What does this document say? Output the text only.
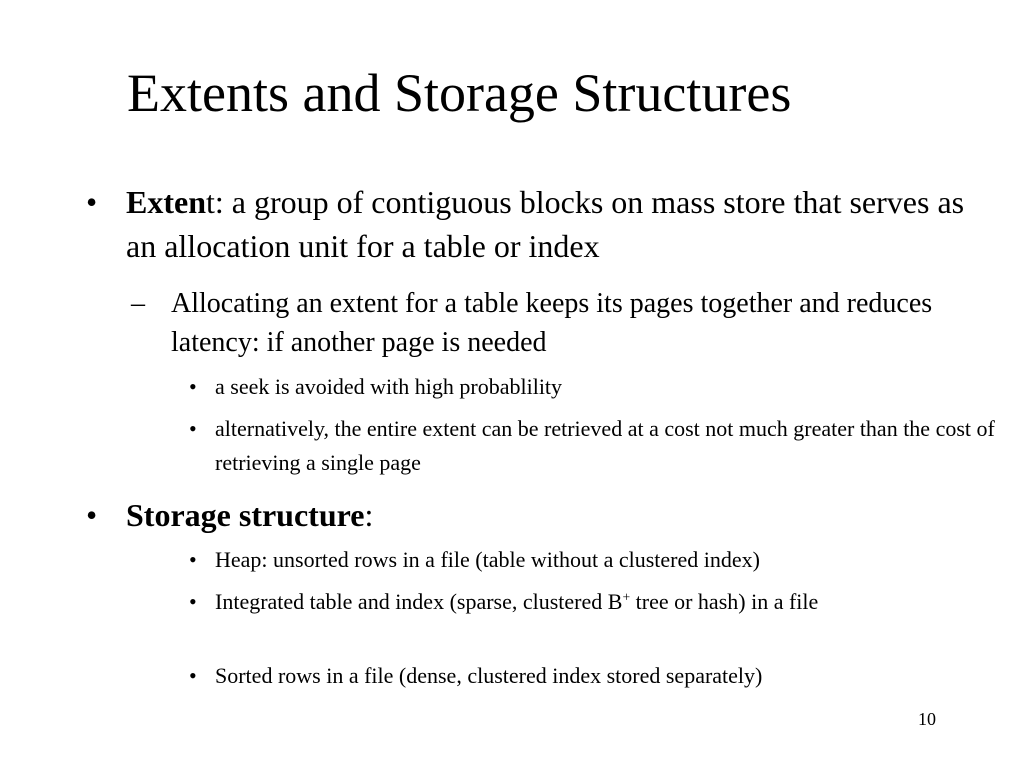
Extents and Storage Structures

• Extent: a group of contiguous blocks on mass store that serves as an allocation unit for a table or index

– Allocating an extent for a table keeps its pages together and reduces latency: if another page is needed

• a seek is avoided with high probablility

• alternatively, the entire extent can be retrieved at a cost not much greater than the cost of retrieving a single page

• Storage structure:

• Heap: unsorted rows in a file (table without a clustered index)

• Integrated table and index (sparse, clustered B+ tree or hash) in a file

• Sorted rows in a file (dense, clustered index stored separately)

10
